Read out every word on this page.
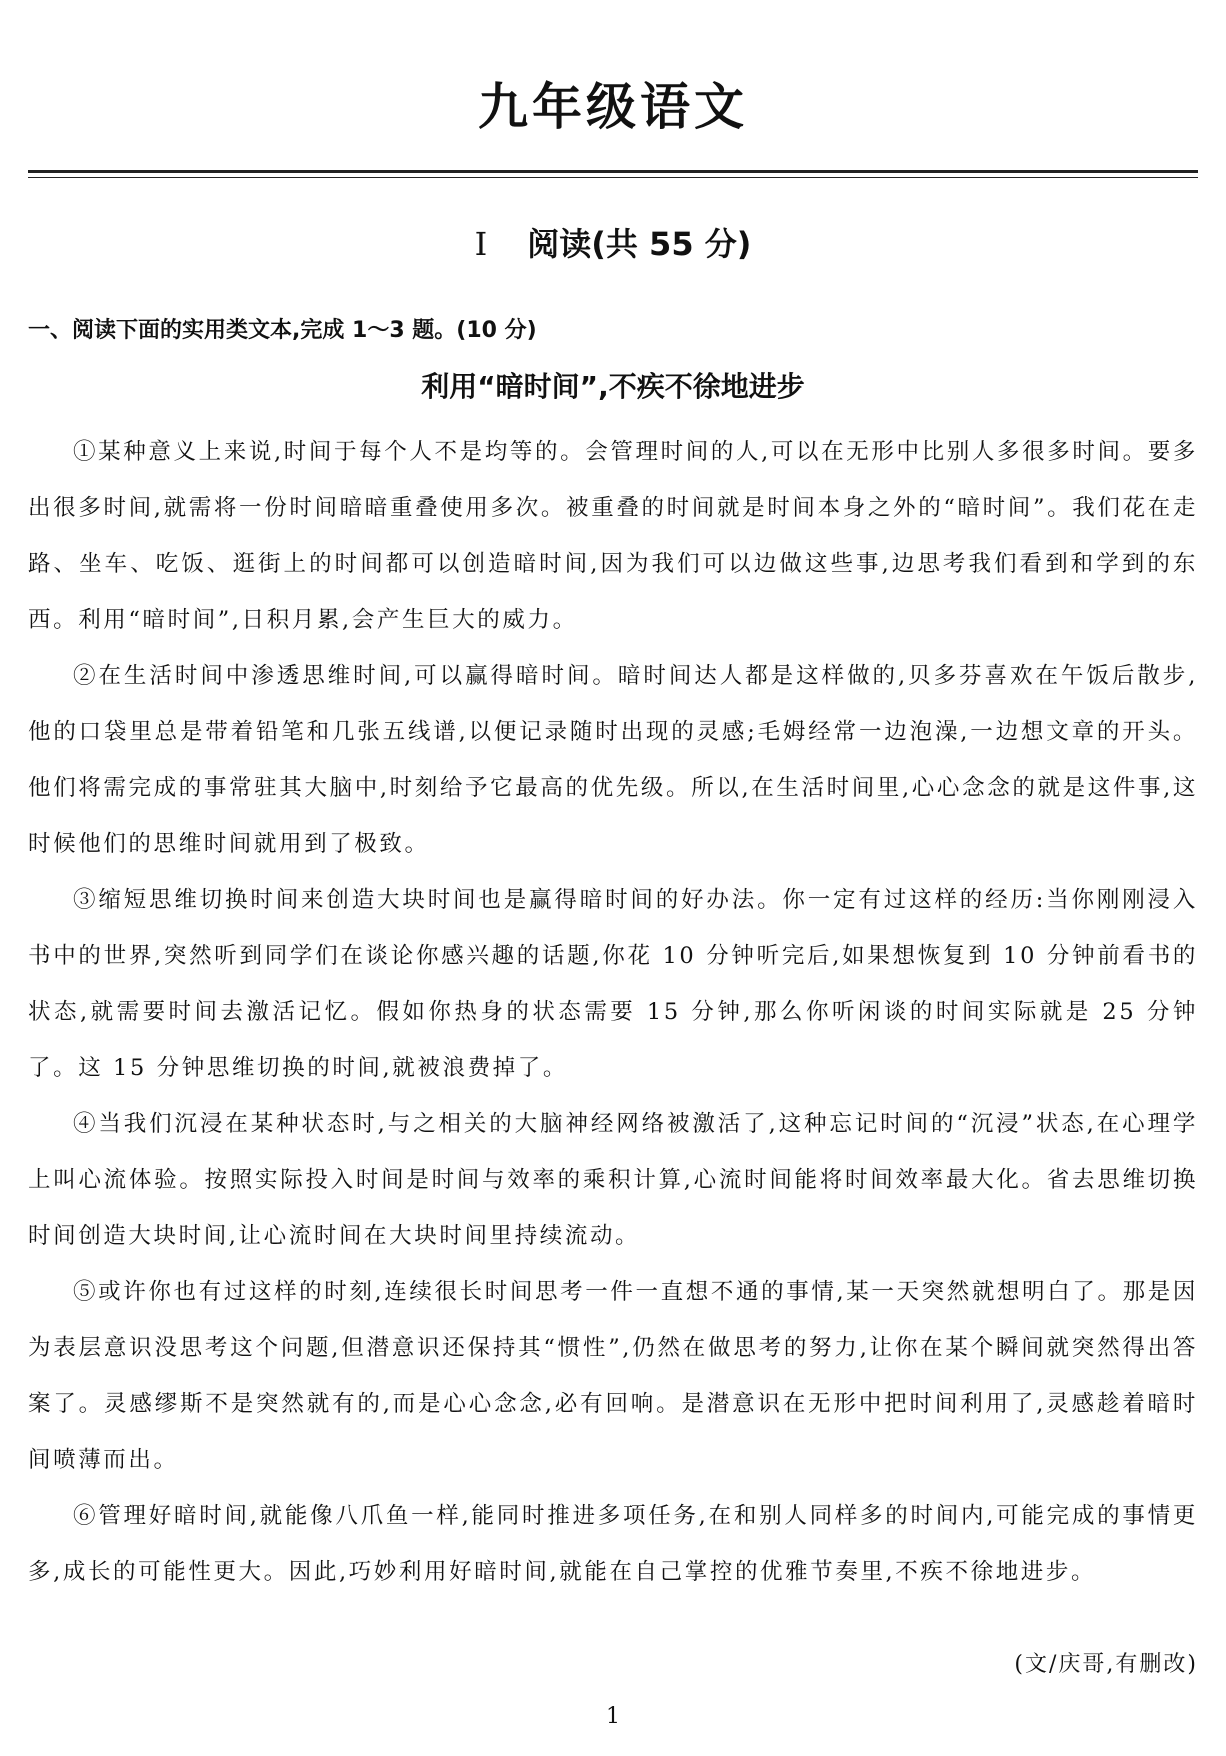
九年级语文
I 阅读(共 55 分)
一、阅读下面的实用类文本,完成 1～3 题。(10 分)
利用“暗时间”,不疾不徐地进步

①某种意义上来说,时间于每个人不是均等的。会管理时间的人,可以在无形中比别人多很多时间。要多出很多时间,就需将一份时间暗暗重叠使用多次。被重叠的时间就是时间本身之外的“暗时间”。我们花在走路、坐车、吃饭、逛街上的时间都可以创造暗时间,因为我们可以边做这些事,边思考我们看到和学到的东西。利用“暗时间”,日积月累,会产生巨大的威力。

②在生活时间中渗透思维时间,可以赢得暗时间。暗时间达人都是这样做的,贝多芬喜欢在午饭后散步,他的口袋里总是带着铅笔和几张五线谱,以便记录随时出现的灵感;毛姆经常一边泡澡,一边想文章的开头。他们将需完成的事常驻其大脑中,时刻给予它最高的优先级。所以,在生活时间里,心心念念的就是这件事,这时候他们的思维时间就用到了极致。

③缩短思维切换时间来创造大块时间也是赢得暗时间的好办法。你一定有过这样的经历:当你刚刚浸入书中的世界,突然听到同学们在谈论你感兴趣的话题,你花 10 分钟听完后,如果想恢复到 10 分钟前看书的状态,就需要时间去激活记忆。假如你热身的状态需要 15 分钟,那么你听闲谈的时间实际就是 25 分钟了。这 15 分钟思维切换的时间,就被浪费掉了。

④当我们沉浸在某种状态时,与之相关的大脑神经网络被激活了,这种忘记时间的“沉浸”状态,在心理学上叫心流体验。按照实际投入时间是时间与效率的乘积计算,心流时间能将时间效率最大化。省去思维切换时间创造大块时间,让心流时间在大块时间里持续流动。

⑤或许你也有过这样的时刻,连续很长时间思考一件一直想不通的事情,某一天突然就想明白了。那是因为表层意识没思考这个问题,但潜意识还保持其“惯性”,仍然在做思考的努力,让你在某个瞬间就突然得出答案了。灵感缪斯不是突然就有的,而是心心念念,必有回响。是潜意识在无形中把时间利用了,灵感趁着暗时间喷薄而出。

⑥管理好暗时间,就能像八爪鱼一样,能同时推进多项任务,在和别人同样多的时间内,可能完成的事情更多,成长的可能性更大。因此,巧妙利用好暗时间,就能在自己掌控的优雅节奏里,不疾不徐地进步。

(文/庆哥,有删改)
1
